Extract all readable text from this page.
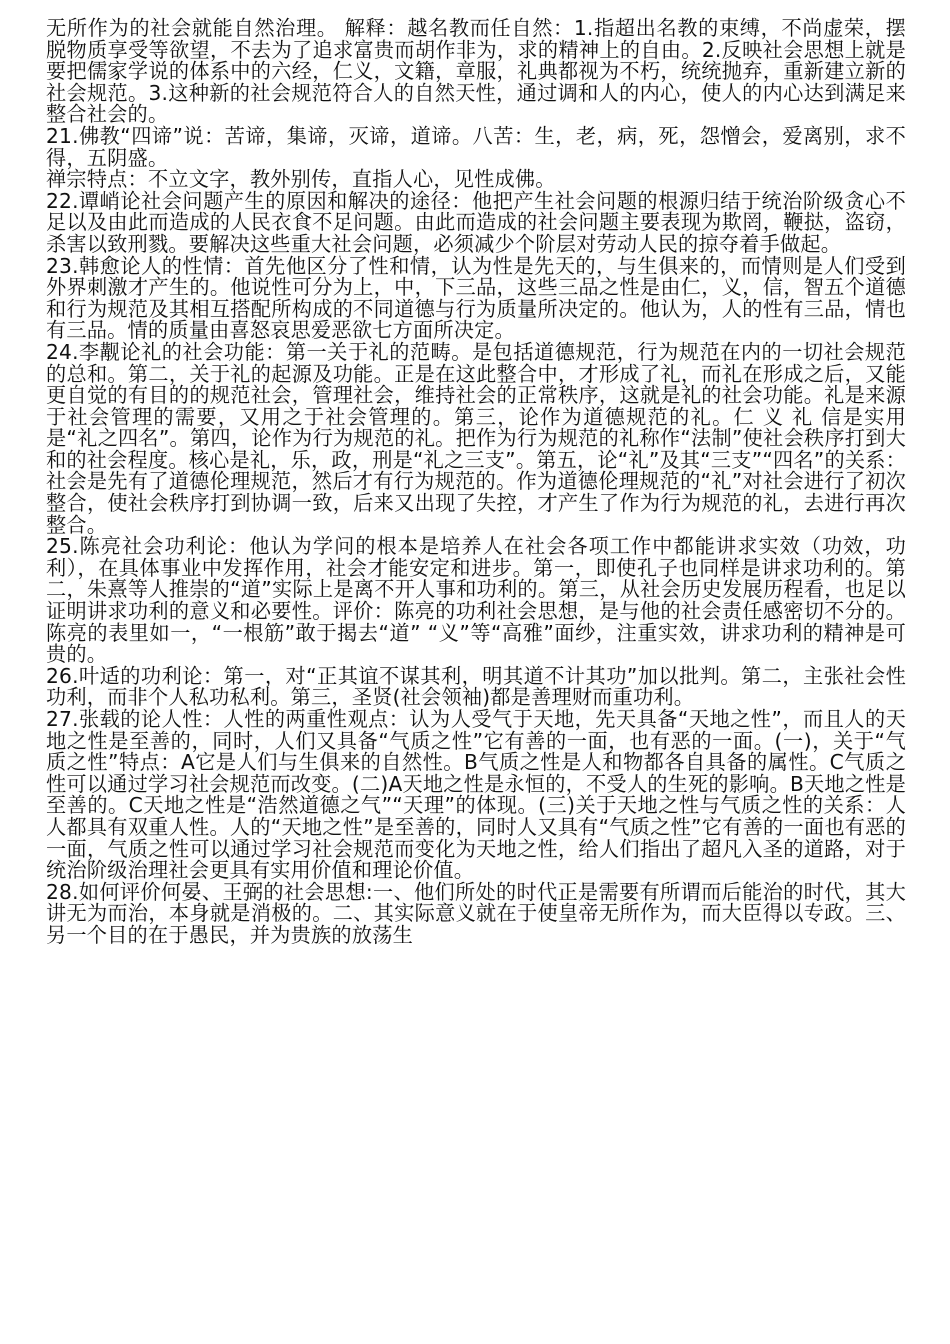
无所作为的社会就能自然治理。 解释：越名教而任自然：1.指超出名教的束缚，不尚虚荣，摆脱物质享受等欲望，不去为了追求富贵而胡作非为，求的精神上的自由。2.反映社会思想上就是要把儒家学说的体系中的六经，仁义，文籍，章服，礼典都视为不朽，统统抛弃，重新建立新的社会规范。3.这种新的社会规范符合人的自然天性，通过调和人的内心，使人的内心达到满足来整合社会的。

21.佛教“四谛”说：苦谛，集谛，灭谛，道谛。八苦：生，老，病，死，怨憎会，爱离别，求不得，五阴盛。

禅宗特点：不立文字，教外别传，直指人心，见性成佛。

22.谭峭论社会问题产生的原因和解决的途径：他把产生社会问题的根源归结于统治阶级贪心不足以及由此而造成的人民衣食不足问题。由此而造成的社会问题主要表现为欺罔，鞭挞，盗窃，杀害以致刑戮。要解决这些重大社会问题，必须减少个阶层对劳动人民的掠夺着手做起。

23.韩愈论人的性情：首先他区分了性和情，认为性是先天的，与生俱来的，而情则是人们受到外界刺激才产生的。他说性可分为上，中，下三品，这些三品之性是由仁，义，信，智五个道德和行为规范及其相互搭配所构成的不同道德与行为质量所决定的。他认为，人的性有三品，情也有三品。情的质量由喜怒哀思爱恶欲七方面所决定。

24.李觏论礼的社会功能：第一关于礼的范畴。是包括道德规范，行为规范在内的一切社会规范的总和。第二，关于礼的起源及功能。正是在这此整合中，才形成了礼，而礼在形成之后，又能更自觉的有目的的规范社会，管理社会，维持社会的正常秩序，这就是礼的社会功能。礼是来源于社会管理的需要，又用之于社会管理的。第三，论作为道德规范的礼。仁 义 礼 信是实用是“礼之四名”。第四，论作为行为规范的礼。把作为行为规范的礼称作“法制”使社会秩序打到大和的社会程度。核心是礼，乐，政，刑是“礼之三支”。第五，论“礼”及其“三支”“四名”的关系：社会是先有了道德伦理规范，然后才有行为规范的。作为道德伦理规范的“礼”对社会进行了初次整合，使社会秩序打到协调一致，后来又出现了失控，才产生了作为行为规范的礼，去进行再次整合。

25.陈亮社会功利论：他认为学问的根本是培养人在社会各项工作中都能讲求实效（功效，功利），在具体事业中发挥作用，社会才能安定和进步。第一，即使孔子也同样是讲求功利的。第二，朱熹等人推崇的“道”实际上是离不开人事和功利的。第三，从社会历史发展历程看，也足以证明讲求功利的意义和必要性。评价：陈亮的功利社会思想，是与他的社会责任感密切不分的。陈亮的表里如一，“一根筋”敢于揭去“道” “义”等“高雅”面纱，注重实效，讲求功利的精神是可贵的。

26.叶适的功利论：第一，对“正其谊不谋其利，明其道不计其功”加以批判。第二，主张社会性功利，而非个人私功私利。第三，圣贤(社会领袖)都是善理财而重功利。

27.张载的论人性：人性的两重性观点：认为人受气于天地，先天具备“天地之性”，而且人的天地之性是至善的，同时，人们又具备“气质之性”它有善的一面，也有恶的一面。(一)，关于“气质之性”特点：A它是人们与生俱来的自然性。B气质之性是人和物都各自具备的属性。C气质之性可以通过学习社会规范而改变。(二)A天地之性是永恒的，不受人的生死的影响。B天地之性是至善的。C天地之性是“浩然道德之气”“天理”的体现。(三)关于天地之性与气质之性的关系：人人都具有双重人性。人的“天地之性”是至善的，同时人又具有“气质之性”它有善的一面也有恶的一面，气质之性可以通过学习社会规范而变化为天地之性，给人们指出了超凡入圣的道路，对于统治阶级治理社会更具有实用价值和理论价值。

28.如何评价何晏、王弼的社会思想:一、他们所处的时代正是需要有所谓而后能治的时代，其大讲无为而治，本身就是消极的。二、其实际意义就在于使皇帝无所作为，而大臣得以专政。三、另一个目的在于愚民，并为贵族的放荡生
